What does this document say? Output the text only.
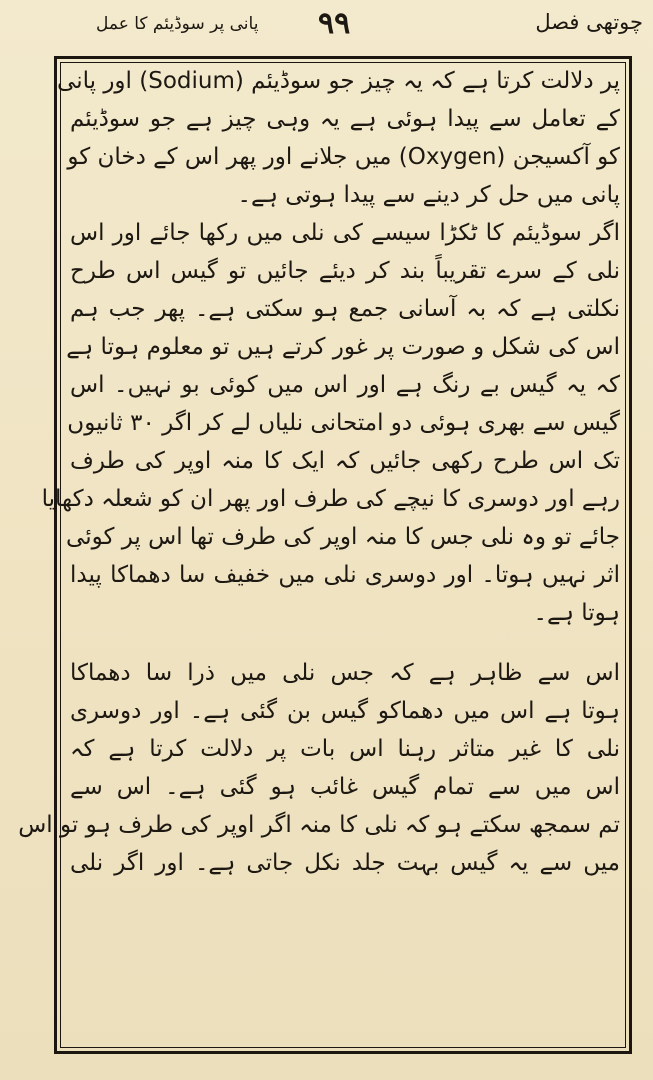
چوتھی فصل
۹۹
پانی پر سوڈیئم کا عمل
پر دلالت کرتا ہے کہ یہ چیز جو سوڈیئم (Sodium) اور پانی
کے تعامل سے پیدا ہوئی ہے یہ وہی چیز ہے جو سوڈیئم
کو آکسیجن (Oxygen) میں جلانے اور پھر اس کے دخان کو
پانی میں حل کر دینے سے پیدا ہوتی ہے۔
اگر سوڈیئم کا ٹکڑا سیسے کی نلی میں رکھا جائے اور اس
نلی کے سرے تقریباً بند کر دیئے جائیں تو گیس اس طرح
نکلتی ہے کہ بہ آسانی جمع ہو سکتی ہے۔ پھر جب ہم
اس کی شکل و صورت پر غور کرتے ہیں تو معلوم ہوتا ہے
کہ یہ گیس بے رنگ ہے اور اس میں کوئی بو نہیں۔ اس
گیس سے بھری ہوئی دو امتحانی نلیاں لے کر اگر ۳۰ ثانیوں
تک اس طرح رکھی جائیں کہ ایک کا منہ اوپر کی طرف
رہے اور دوسری کا نیچے کی طرف اور پھر ان کو شعلہ دکھایا
جائے تو وہ نلی جس کا منہ اوپر کی طرف تھا اس پر کوئی
اثر نہیں ہوتا۔ اور دوسری نلی میں خفیف سا دھماکا پیدا
ہوتا ہے۔
اس سے ظاہر ہے کہ جس نلی میں ذرا سا دھماکا
ہوتا ہے اس میں دھماکو گیس بن گئی ہے۔ اور دوسری
نلی کا غیر متاثر رہنا اس بات پر دلالت کرتا ہے کہ
اس میں سے تمام گیس غائب ہو گئی ہے۔ اس سے
تم سمجھ سکتے ہو کہ نلی کا منہ اگر اوپر کی طرف ہو تو اس
میں سے یہ گیس بہت جلد نکل جاتی ہے۔ اور اگر نلی
